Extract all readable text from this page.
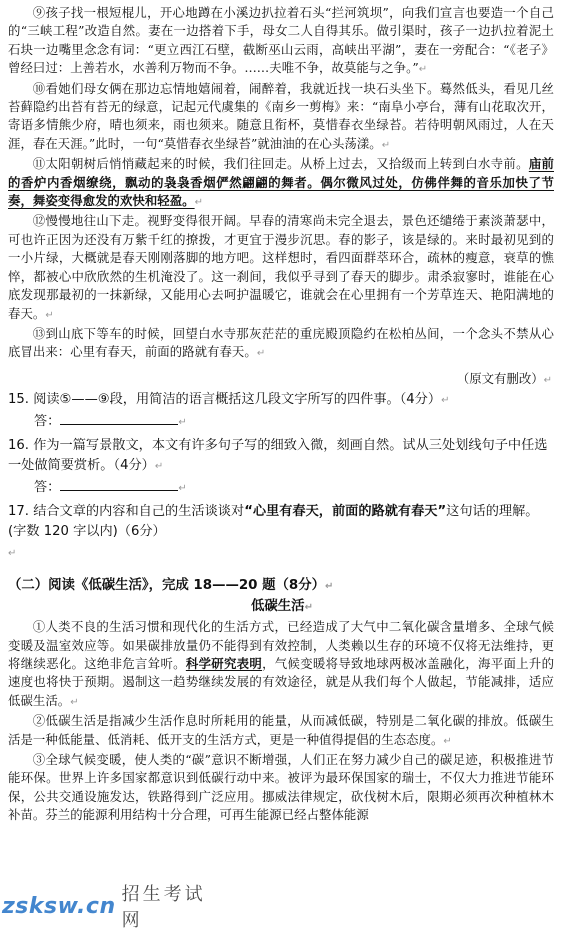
⑨孩子找一根短棍儿，开心地蹲在小溪边扒拉着石头“拦河筑坝”，向我们宣言也要造一个自己的“三峡工程”改造自然。妻在一边搭着下手，母女二人自得其乐。做引渠时，孩子一边扒拉着泥土石块一边嘴里念念有词：“更立西江石壁，截断巫山云雨，高峡出平湖”，妻在一旁配合：“《老子》曾经曰过：上善若水，水善利万物而不争。……夫唯不争，故莫能与之争。”↵

⑩看她们母女俩在那边忘情地嬉闹着，闹醉着，我就近找一块石头坐下。蓦然低头，看见几丝苔藓隐约出苔有苔无的绿意，记起元代虞集的《南乡一剪梅》来：“南阜小亭台，薄有山花取次开，寄语多情熊少府，晴也须来，雨也须来。随意且衔杯，莫惜春衣坐绿苔。若待明朝风雨过，人在天涯，春在天涯。”此时，一句“莫惜春衣坐绿苔”就油油的在心头荡漾。↵

⑪太阳朝树后悄悄藏起来的时候，我们往回走。从桥上过去，又拾级而上转到白水寺前。庙前的香炉内香烟缭绕，飘动的袅袅香烟俨然翩翩的舞者。偶尔微风过处，仿佛伴舞的音乐加快了节奏，舞姿变得愈发的欢快和轻盈。↵

⑫慢慢地往山下走。视野变得很开阔。早春的清寒尚未完全退去，景色还缱绻于素淡萧瑟中，可也许正因为还没有万紫千红的撩拨，才更宜于漫步沉思。春的影子，该是绿的。来时最初见到的一小片绿，大概就是春天刚刚落脚的地方吧。这样想时，看四面群萃环合，疏林的瘦意，衰草的憔悴，都被心中欣欣然的生机淹没了。这一刹间，我似乎寻到了春天的脚步。肃杀寂寥时，谁能在心底发现那最初的一抹新绿，又能用心去呵护温暖它，谁就会在心里拥有一个芳草连天、艳阳满地的春天。↵

⑬到山底下等车的时候，回望白水寺那灰茫茫的重庑殿顶隐约在松柏丛间，一个念头不禁从心底冒出来：心里有春天，前面的路就有春天。↵

（原文有删改）↵

15. 阅读⑤——⑨段，用简洁的语言概括这几段文字所写的四件事。（4分）↵

答：	↵

16. 作为一篇写景散文，本文有许多句子写的细致入微，刻画自然。试从三处划线句子中任选一处做简要赏析。（4分）↵

答：	↵

17. 结合文章的内容和自己的生活谈谈对“心里有春天，前面的路就有春天”这句话的理解。(字数 120 字以内)（6分）

↵

（二）阅读《低碳生活》，完成 18——20 题（8分）↵

低碳生活↵

①人类不良的生活习惯和现代化的生活方式，已经造成了大气中二氧化碳含量增多、全球气候变暖及温室效应等。如果碳排放量仍不能得到有效控制，人类赖以生存的环境不仅将无法维持，更将继续恶化。这绝非危言耸听。科学研究表明，气候变暖将导致地球两极冰盖融化，海平面上升的速度也将快于预期。遏制这一趋势继续发展的有效途径，就是从我们每个人做起，节能减排，适应低碳生活。↵

②低碳生活是指减少生活作息时所耗用的能量，从而减低碳，特别是二氧化碳的排放。低碳生活是一种低能量、低消耗、低开支的生活方式，更是一种值得提倡的生态态度。↵

③全球气候变暖，使人类的“碳”意识不断增强，人们正在努力减少自己的碳足迹，积极推进节能环保。世界上许多国家都意识到低碳行动中来。被评为最环保国家的瑞士，不仅大力推进节能环保，公共交通设施发达，铁路得到广泛应用。挪威法律规定，砍伐树木后，限期必须再次种植林木补苗。芬兰的能源利用结构十分合理，可再生能源已经占整体能源

zsksw.cn 招生考试网
